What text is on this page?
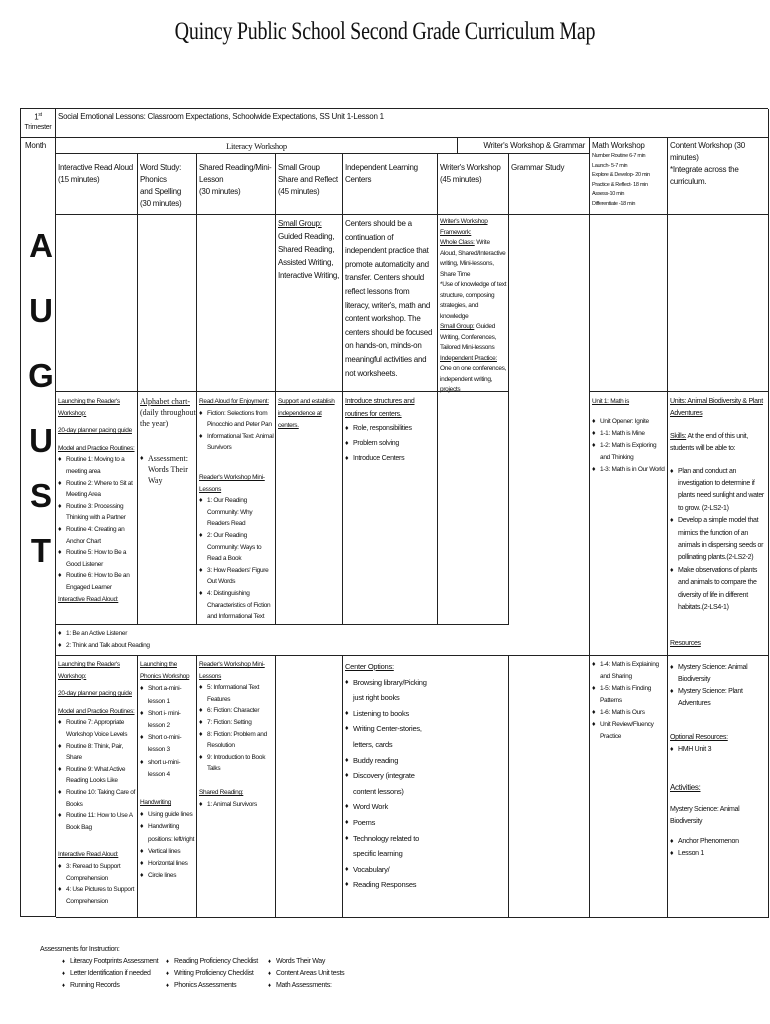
Quincy Public School Second Grade Curriculum Map
1st
Trimester
Social Emotional Lessons: Classroom Expectations, Schoolwide Expectations, SS Unit 1-Lesson 1
Month	Literacy Workshop	Writer's Workshop & Grammar Math Workshop

Number Routine 6-7 min

Launch- 5-7 min

Explore & Develop- 20 min

Practice & Reflect- 18 min

Assess-10 min

Differentiate -18 min

Content Workshop (30 minutes)

*Integrate across the curriculum.

Interactive Read Aloud

(15 minutes)

Word Study: Phonics

and Spelling

(30 minutes)

Shared Reading/Mini-Lesson

(30 minutes)

Small Group

Share and Reflect

(45 minutes)

Independent Learning Centers

Writer's Workshop

(45 minutes)

Grammar Study

A
U
G
U
S
T
Small Group: Guided Reading, Shared Reading, Assisted Writing, Interactive Writing,
Centers should be a continuation of independent practice that promote automaticity and transfer. Centers should reflect lessons from literacy, writer's, math and content workshop. The centers should be focused on hands-on, minds-on meaningful activities and not worksheets.

Writer's Workshop Framework:

Whole Class: Write Aloud, Shared/Interactive writing, Mini-lessons, Share Time

*Use of knowledge of text structure, composing strategies, and knowledge

Small Group: Guided Writing, Conferences, Tailored Mini-lessons

Independent Practice: One on one conferences, independent writing, projects

Launching the Reader's Workshop:

20-day planner pacing guide

Model and Practice Routines:

♦ Routine 1: Moving to a meeting area
♦ Routine 2: Where to Sit at Meeting Area
♦ Routine 3: Processing Thinking with a Partner
♦ Routine 4: Creating an Anchor Chart
♦ Routine 5: How to Be a Good Listener
♦ Routine 6: How to Be an Engaged Learner

Interactive Read Aloud:

♦ 1: Be an Active Listener
♦ 2: Think and Talk about Reading

Alphabet chart-

(daily throughout the year)

♦ Assessment: Words Their Way

Read Aloud for Enjoyment:

♦ Fiction: Selections from Pinocchio and Peter Pan
♦ Informational Text: Animal Survivors

Reader's Workshop Mini-Lessons

♦ 1: Our Reading Community: Why Readers Read
♦ 2: Our Reading Community: Ways to Read a Book
♦ 3: How Readers' Figure Out Words
♦ 4: Distinguishing Characteristics of Fiction and Informational Text

Support and establish independence at centers.

Introduce structures and routines for centers.

♦ Role, responsibilities
♦ Problem solving
♦ Introduce Centers

Unit 1: Math is

♦ Unit Opener: Ignite
♦ 1-1: Math is Mine
♦ 1-2: Math is Exploring and Thinking
♦ 1-3: Math is in Our World

Units: Animal Biodiversity & Plant Adventures

Skills: At the end of this unit, students will be able to:

♦ Plan and conduct an investigation to determine if plants need sunlight and water to grow. (2-LS2-1)
♦ Develop a simple model that mimics the function of an animals in dispersing seeds or pollinating plants.(2-LS2-2)
♦ Make observations of plants and animals to compare the diversity of life in different habitats.(2-LS4-1)

Launching the Reader's Workshop:

20-day planner pacing guide

Model and Practice Routines:

♦ Routine 7: Appropriate Workshop Voice Levels
♦ Routine 8: Think, Pair, Share
♦ Routine 9: What Active Reading Looks Like
♦ Routine 10: Taking Care of Books
♦ Routine 11: How to Use A Book Bag

Interactive Read Aloud:

♦ 3: Reread to Support Comprehension
♦ 4: Use Pictures to Support Comprehension

Launching the Phonics Workshop

♦ Short a-mini-lesson 1
♦ Short i- mini-lesson 2
♦ Short o-mini-lesson 3
♦ short u-mini-lesson 4

Handwriting

♦ Using guide lines
♦ Handwriting positions: left/right
♦ Vertical lines
♦ Horizontal lines
♦ Circle lines

Reader's Workshop Mini-Lessons

♦ 5: Informational Text Features
♦ 6: Fiction: Character
♦ 7: Fiction: Setting
♦ 8: Fiction: Problem and Resolution
♦ 9: Introduction to Book Talks

Shared Reading:

♦ 1: Animal Survivors

Center Options:

♦ Browsing library/Picking just right books
♦ Listening to books
♦ Writing Center-stories, letters, cards
♦ Buddy reading
♦ Discovery (integrate content lessons)
♦ Word Work
♦ Poems
♦ Technology related to specific learning
♦ Vocabulary/
♦ Reading Responses
♦ 1-4: Math is Explaining and Sharing
♦ 1-5: Math is Finding Patterns
♦ 1-6: Math is Ours
♦ Unit Review/Fluency Practice

Resources

♦ Mystery Science: Animal Biodiversity
♦ Mystery Science: Plant Adventures

Optional Resources:

♦ HMH Unit 3

Activities:

Mystery Science: Animal Biodiversity

♦ Anchor Phenomenon
♦ Lesson 1
Assessments for Instruction:
♦ Literacy Footprints Assessment
♦ Letter Identification if needed
♦ Running Records
♦ Reading Proficiency Checklist
♦ Writing Proficiency Checklist
♦ Phonics Assessments
♦ Words Their Way
♦ Content Areas Unit tests
♦ Math Assessments:
